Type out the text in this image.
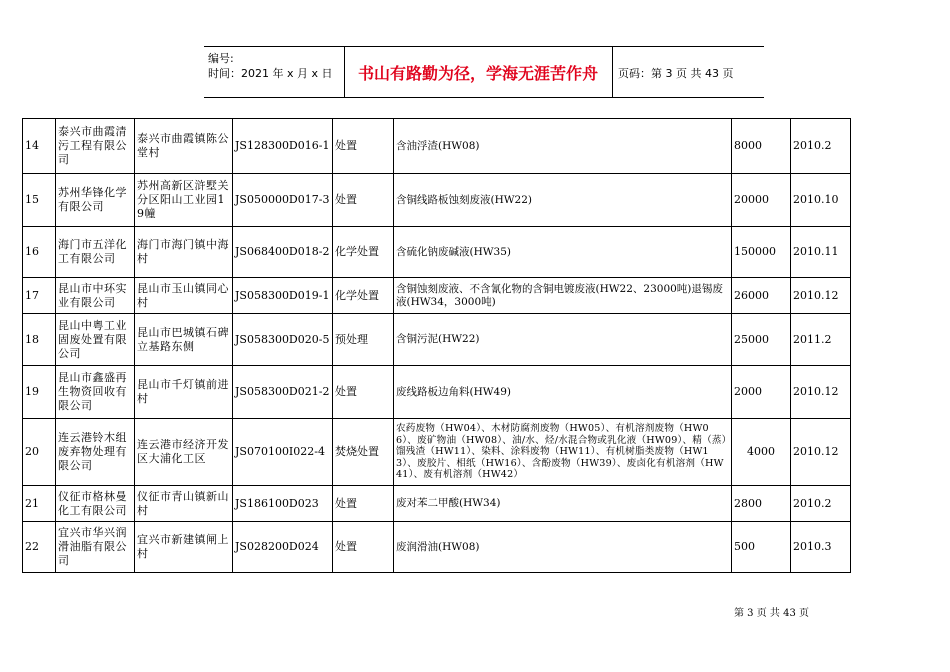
编号:
时间：2021 年 x 月 x 日	书山有路勤为径，学海无涯苦作舟	页码：第 3 页 共 43 页
14	泰兴市曲霞清污工程有限公司	泰兴市曲霞镇陈公堂村	JS128300D016-1	处置	含油浮渣(HW08)	8000	2010.2
15	苏州华锋化学有限公司	苏州高新区浒墅关分区阳山工业园19幢	JS050000D017-3	处置	含铜线路板蚀刻废液(HW22)	20000	2010.10
16	海门市五洋化工有限公司	海门市海门镇中海村	JS068400D018-2	化学处置	含硫化钠废碱液(HW35)	150000	2010.11
17	昆山市中环实业有限公司	昆山市玉山镇同心村	JS058300D019-1	化学处置	含铜蚀刻废液、不含氰化物的含铜电镀废液(HW22、23000吨)退锡废液(HW34，3000吨)	26000	2010.12
18	昆山中粤工业固废处置有限公司	昆山市巴城镇石碑立基路东侧	JS058300D020-5	预处理	含铜污泥(HW22)	25000	2011.2
19	昆山市鑫盛再生物资回收有限公司	昆山市千灯镇前进村	JS058300D021-2	处置	废线路板边角料(HW49)	2000	2010.12
20	连云港铃木组废弃物处理有限公司	连云港市经济开发区大浦化工区	JS070100I022-4	焚烧处置	农药废物（HW04）、木材防腐剂废物（HW05）、有机溶剂废物（HW06）、废矿物油（HW08）、油/水、烃/水混合物或乳化液（HW09）、精（蒸）馏残渣（HW11）、染料、涂料废物（HW11）、有机树脂类废物（HW13）、废胶片、相纸（HW16）、含酚废物（HW39）、废卤化有机溶剂（HW41）、废有机溶剂（HW42）	4000	2010.12
21	仪征市格林曼化工有限公司	仪征市青山镇新山村	JS186100D023	处置	废对苯二甲酸(HW34)	2800	2010.2
22	宜兴市华兴润滑油脂有限公司	宜兴市新建镇闸上村	JS028200D024	处置	废润滑油(HW08)	500	2010.3
第 3 页 共 43 页
